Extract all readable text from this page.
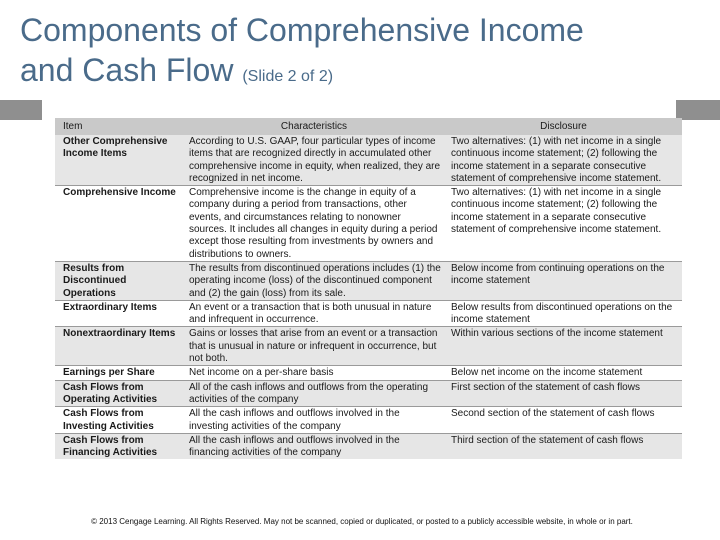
Components of Comprehensive Income
and Cash Flow (Slide 2 of 2)
Item	Characteristics	Disclosure
Other Comprehensive Income Items	According to U.S. GAAP, four particular types of income items that are recognized directly in accumulated other comprehensive income in equity, when realized, they are recognized in net income.	Two alternatives: (1) with net income in a single continuous income statement; (2) following the income statement in a separate consecutive statement of comprehensive income statement.
Comprehensive Income	Comprehensive income is the change in equity of a company during a period from transactions, other events, and circumstances relating to nonowner sources. It includes all changes in equity during a period except those resulting from investments by owners and distributions to owners.	Two alternatives: (1) with net income in a single continuous income statement; (2) following the income statement in a separate consecutive statement of comprehensive income statement.
Results from Discontinued Operations	The results from discontinued operations includes (1) the operating income (loss) of the discontinued component and (2) the gain (loss) from its sale.	Below income from continuing operations on the income statement
Extraordinary Items	An event or a transaction that is both unusual in nature and infrequent in occurrence.	Below results from discontinued operations on the income statement
Nonextraordinary Items	Gains or losses that arise from an event or a transaction that is unusual in nature or infrequent in occurrence, but not both.	Within various sections of the income statement
Earnings per Share	Net income on a per-share basis	Below net income on the income statement
Cash Flows from Operating Activities	All of the cash inflows and outflows from the operating activities of the company	First section of the statement of cash flows
Cash Flows from Investing Activities	All the cash inflows and outflows involved in the investing activities of the company	Second section of the statement of cash flows
Cash Flows from Financing Activities	All the cash inflows and outflows involved in the financing activities of the company	Third section of the statement of cash flows
© 2013 Cengage Learning. All Rights Reserved. May not be scanned, copied or duplicated, or posted to a publicly accessible website, in whole or in part.
